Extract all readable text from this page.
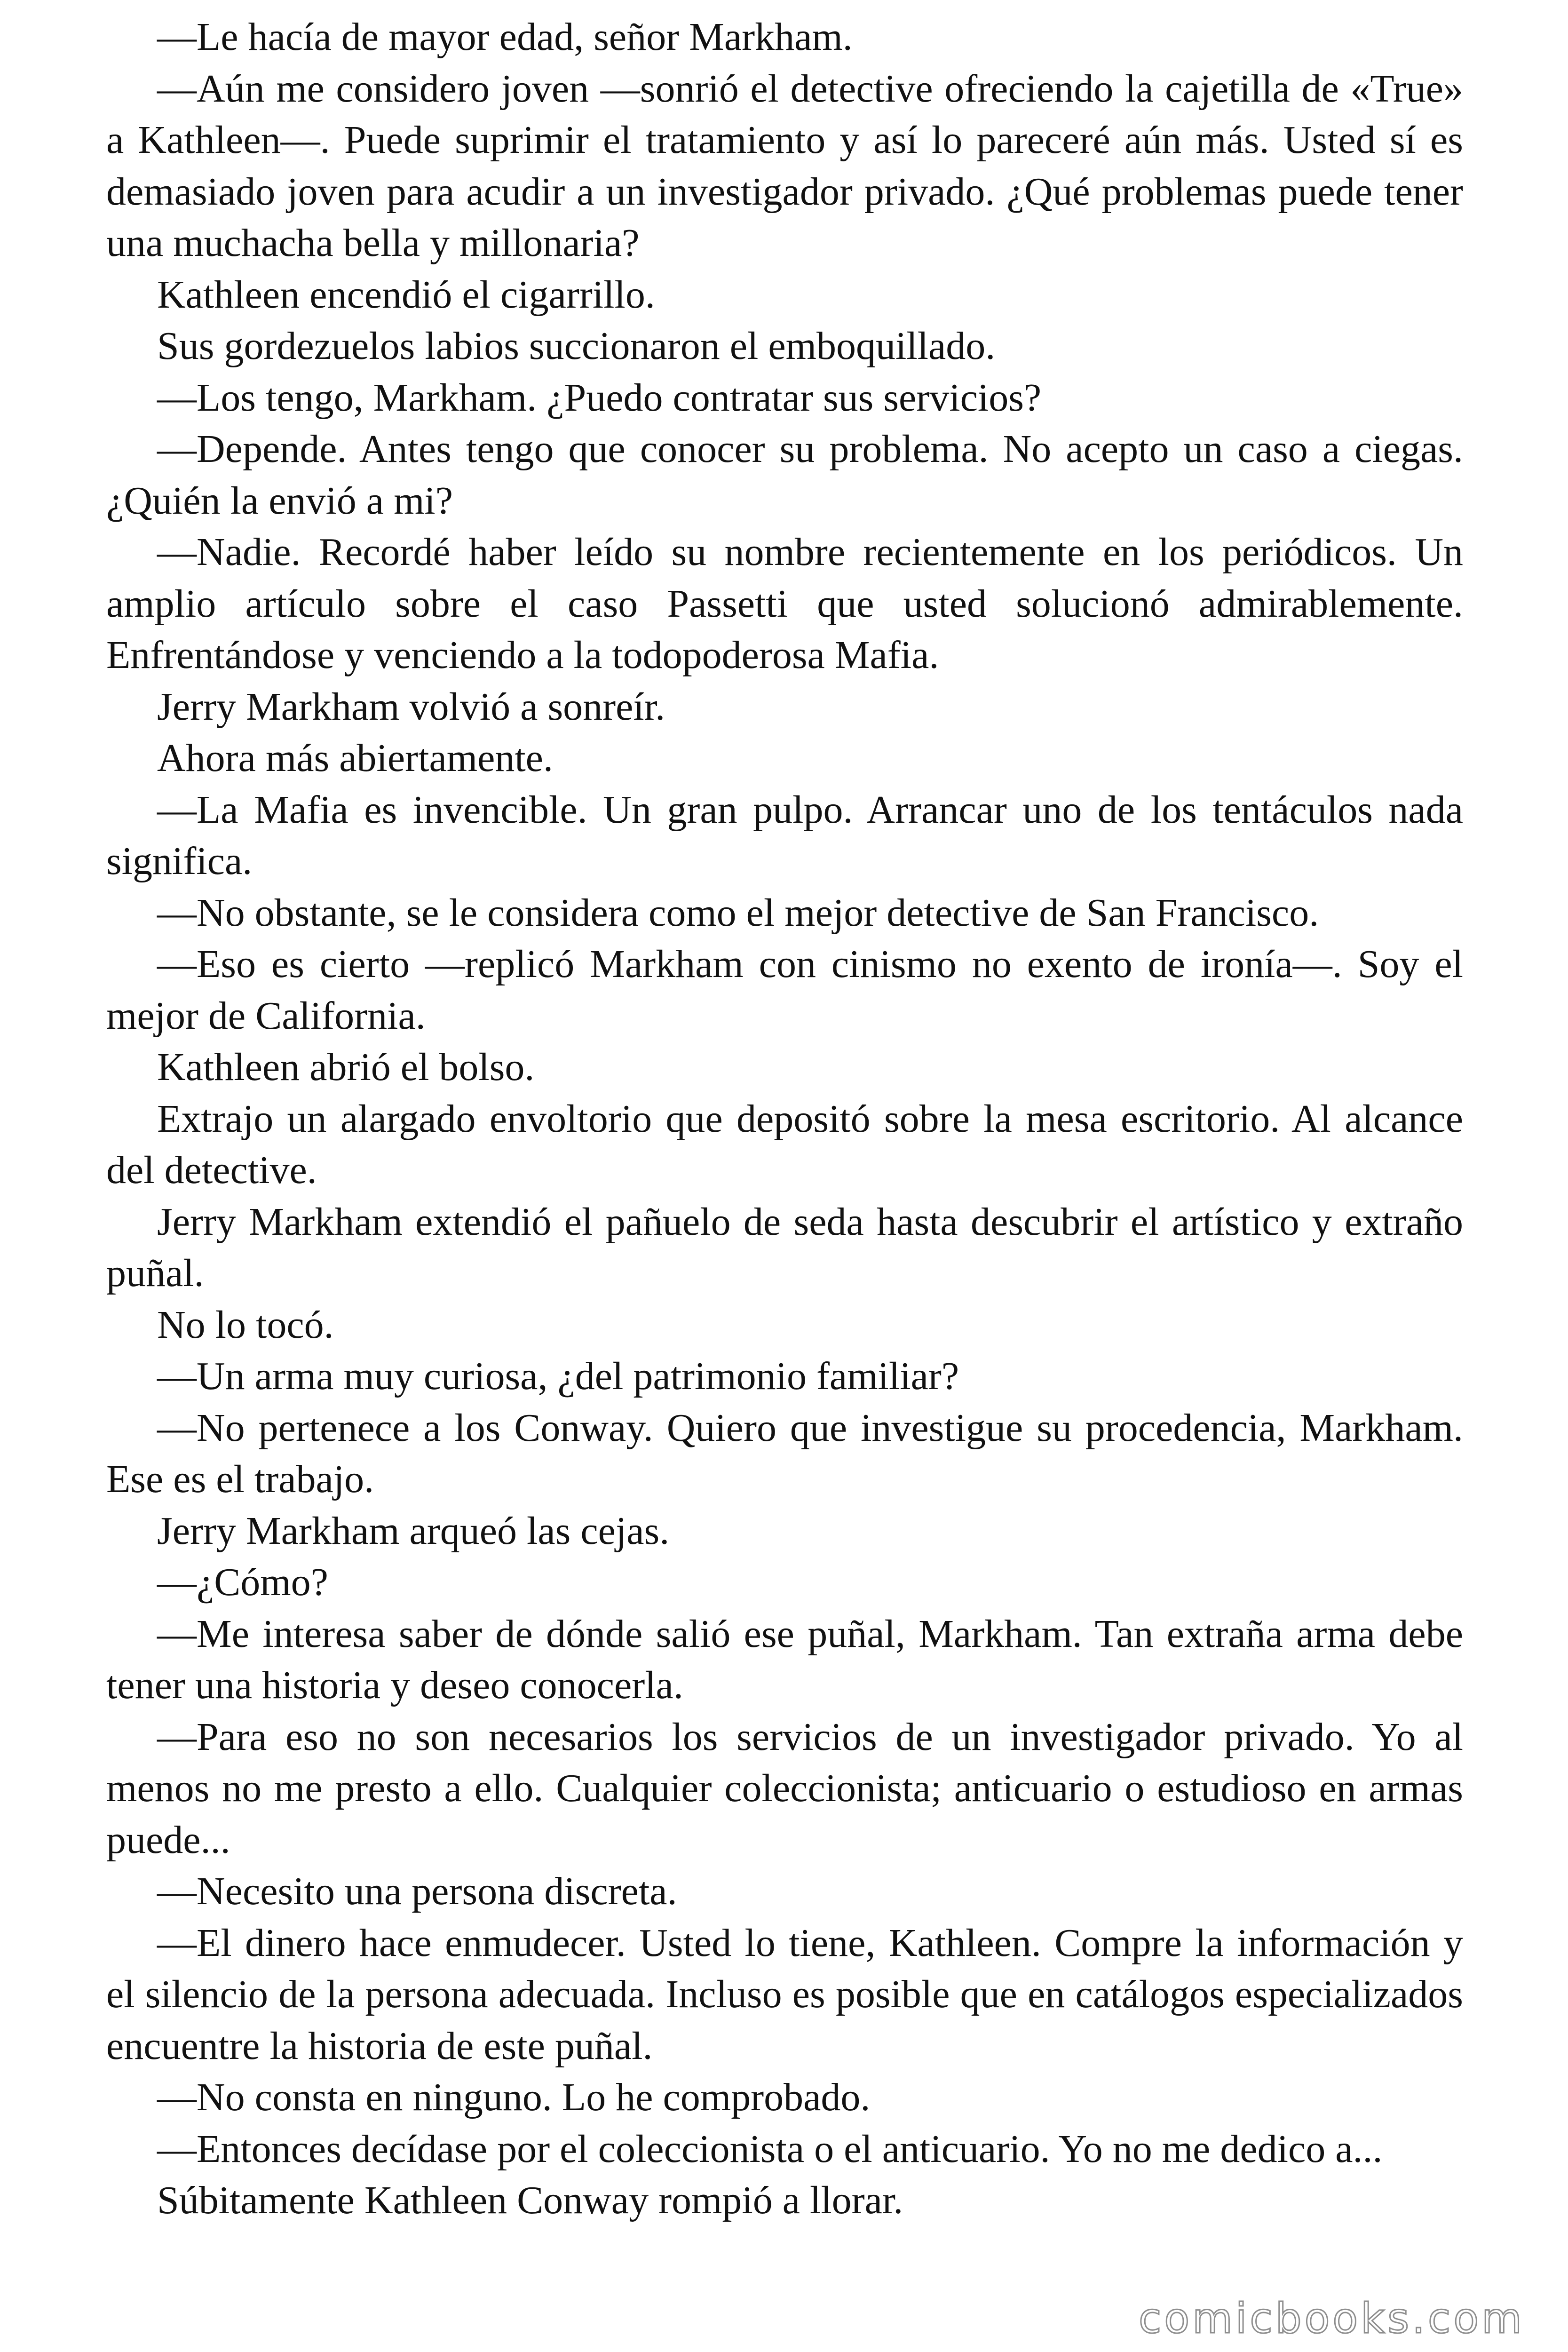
—Le hacía de mayor edad, señor Markham.

—Aún me considero joven —sonrió el detective ofreciendo la cajetilla de «True» a Kathleen—. Puede suprimir el tratamiento y así lo pareceré aún más. Usted sí es demasiado joven para acudir a un investigador privado. ¿Qué problemas puede tener una muchacha bella y millonaria?

Kathleen encendió el cigarrillo.

Sus gordezuelos labios succionaron el emboquillado.

—Los tengo, Markham. ¿Puedo contratar sus servicios?

—Depende. Antes tengo que conocer su problema. No acepto un caso a ciegas. ¿Quién la envió a mi?

—Nadie. Recordé haber leído su nombre recientemente en los periódicos. Un amplio artículo sobre el caso Passetti que usted solucionó admirablemente. Enfrentándose y venciendo a la todopoderosa Mafia.

Jerry Markham volvió a sonreír.

Ahora más abiertamente.

—La Mafia es invencible. Un gran pulpo. Arrancar uno de los tentáculos nada significa.

—No obstante, se le considera como el mejor detective de San Francisco.

—Eso es cierto —replicó Markham con cinismo no exento de ironía—. Soy el mejor de California.

Kathleen abrió el bolso.

Extrajo un alargado envoltorio que depositó sobre la mesa escritorio. Al alcance del detective.

Jerry Markham extendió el pañuelo de seda hasta descubrir el artístico y extraño puñal.

No lo tocó.

—Un arma muy curiosa, ¿del patrimonio familiar?

—No pertenece a los Conway. Quiero que investigue su procedencia, Markham. Ese es el trabajo.

Jerry Markham arqueó las cejas.

—¿Cómo?

—Me interesa saber de dónde salió ese puñal, Markham. Tan extraña arma debe tener una historia y deseo conocerla.

—Para eso no son necesarios los servicios de un investigador privado. Yo al menos no me presto a ello. Cualquier coleccionista; anticuario o estudioso en armas puede...

—Necesito una persona discreta.

—El dinero hace enmudecer. Usted lo tiene, Kathleen. Compre la información y el silencio de la persona adecuada. Incluso es posible que en catálogos especializados encuentre la historia de este puñal.

—No consta en ninguno. Lo he comprobado.

—Entonces decídase por el coleccionista o el anticuario. Yo no me dedico a...

Súbitamente Kathleen Conway rompió a llorar.

comicbooks.com
